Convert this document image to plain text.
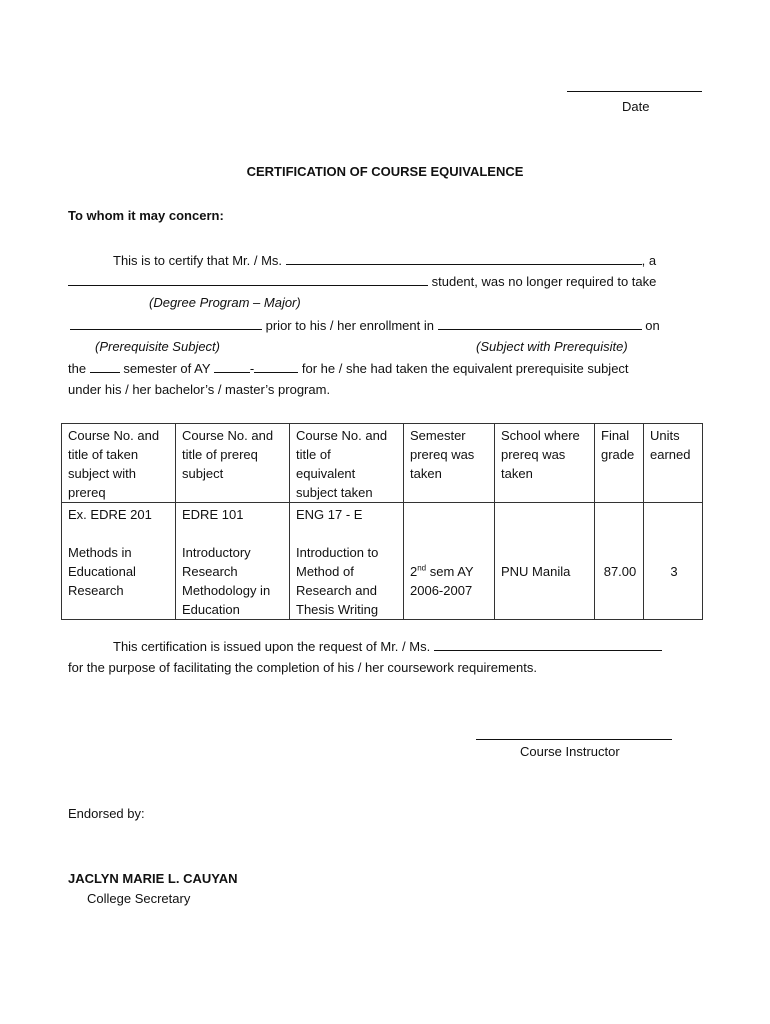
Date
CERTIFICATION OF COURSE EQUIVALENCE
To whom it may concern:
This is to certify that Mr. / Ms.	, a
student, was no longer required to take
(Degree Program – Major)
prior to his / her enrollment in	on
(Prerequisite Subject)	(Subject with Prerequisite)
the	semester of AY	-	for he / she had taken the equivalent prerequisite subject
under his / her bachelor’s / master’s program.
Course No. and
title of taken
subject with
prereq	Course No. and
title of prereq
subject	Course No. and
title of
equivalent
subject taken	Semester
prereq was
taken	School where
prereq was
taken	Final
grade	Units
earned
Ex. EDRE 201

Methods in
Educational
Research	EDRE 101

Introductory
Research
Methodology in
Education	ENG 17 - E

Introduction to
Method of
Research and
Thesis Writing	2nd sem AY
2006-2007	PNU Manila	87.00	3
This certification is issued upon the request of Mr. / Ms.
for the purpose of facilitating the completion of his / her coursework requirements.
Course Instructor
Endorsed by:
JACLYN MARIE L. CAUYAN
College Secretary
